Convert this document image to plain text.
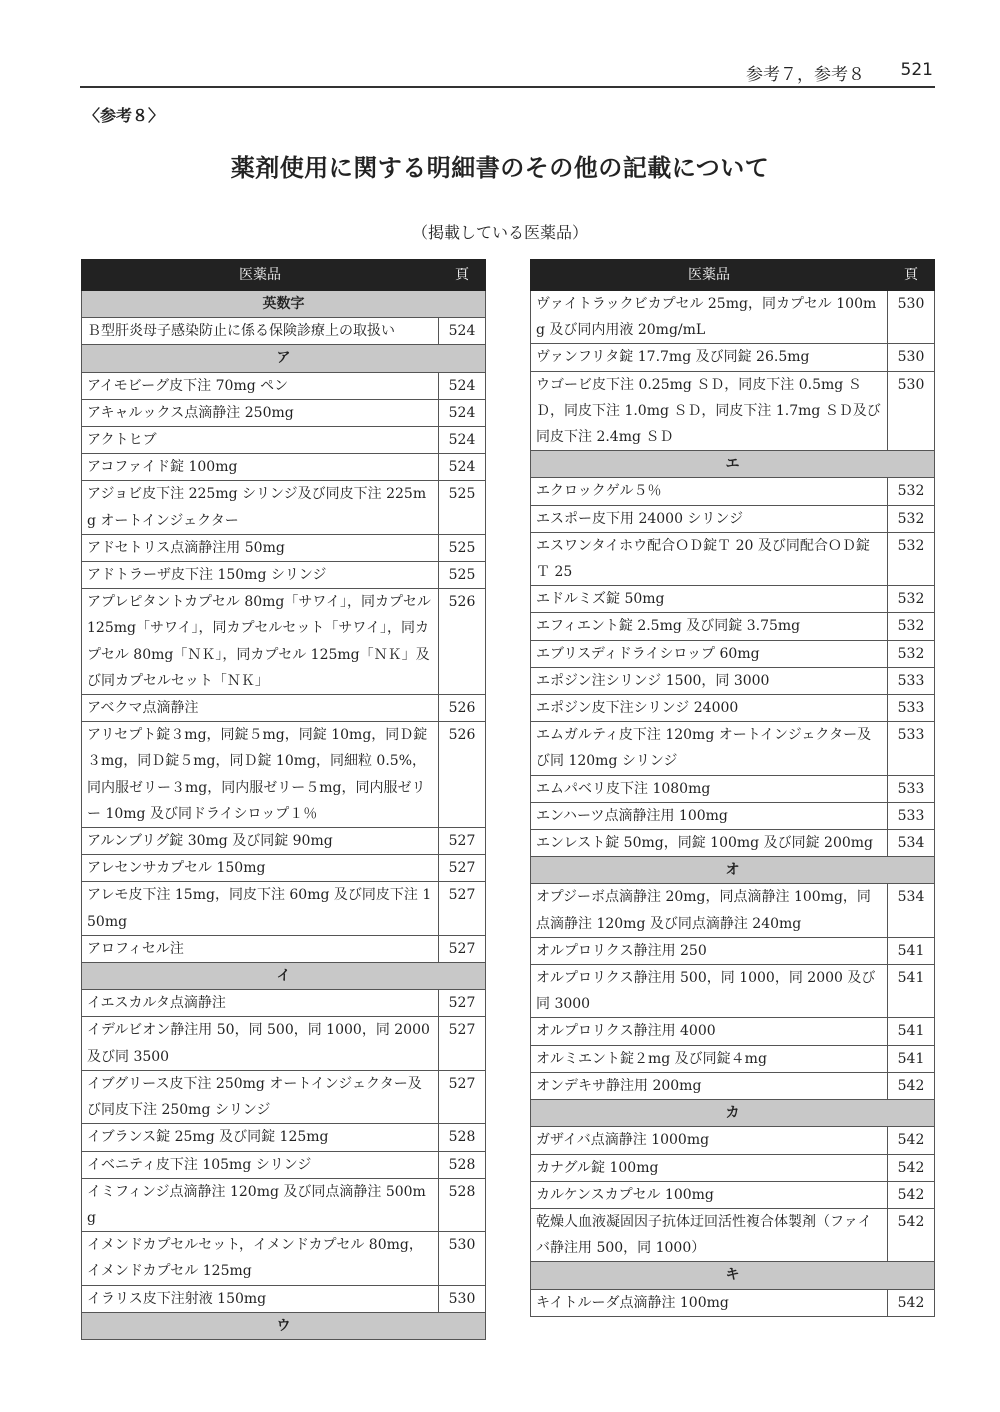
参考７，参考８ 521
〈参考８〉
薬剤使用に関する明細書のその他の記載について
（掲載している医薬品）
医薬品	頁
英数字	
Ｂ型肝炎母子感染防止に係る保険診療上の取扱い	524
ア	
アイモビーグ皮下注 70mg ペン	524
アキャルックス点滴静注 250mg	524
アクトヒブ	524
アコファイド錠 100mg	524
アジョビ皮下注 225mg シリンジ及び同皮下注 225mg オートインジェクター	525
アドセトリス点滴静注用 50mg	525
アドトラーザ皮下注 150mg シリンジ	525
アプレピタントカプセル 80mg「サワイ」，同カプセル 125mg「サワイ」，同カプセルセット「サワイ」，同カプセル 80mg「ＮＫ」，同カプセル 125mg「ＮＫ」及び同カプセルセット「ＮＫ」	526
アベクマ点滴静注	526
アリセプト錠３mg，同錠５mg，同錠 10mg，同Ｄ錠３mg，同Ｄ錠５mg，同Ｄ錠 10mg，同細粒 0.5%，同内服ゼリー３mg，同内服ゼリー５mg，同内服ゼリー 10mg 及び同ドライシロップ１％	526
アルンブリグ錠 30mg 及び同錠 90mg	527
アレセンサカプセル 150mg	527
アレモ皮下注 15mg，同皮下注 60mg 及び同皮下注 150mg	527
アロフィセル注	527
イ	
イエスカルタ点滴静注	527
イデルビオン静注用 50，同 500，同 1000，同 2000 及び同 3500	527
イブグリース皮下注 250mg オートインジェクター及び同皮下注 250mg シリンジ	527
イブランス錠 25mg 及び同錠 125mg	528
イベニティ皮下注 105mg シリンジ	528
イミフィンジ点滴静注 120mg 及び同点滴静注 500mg	528
イメンドカプセルセット，イメンドカプセル 80mg，イメンドカプセル 125mg	530
イラリス皮下注射液 150mg	530
ウ	
医薬品	頁
ヴァイトラックビカプセル 25mg，同カプセル 100mg 及び同内用液 20mg/mL	530
ヴァンフリタ錠 17.7mg 及び同錠 26.5mg	530
ウゴービ皮下注 0.25mg ＳＤ，同皮下注 0.5mg ＳＤ，同皮下注 1.0mg ＳＤ，同皮下注 1.7mg ＳＤ及び同皮下注 2.4mg ＳＤ	530
エ	
エクロックゲル５％	532
エスポー皮下用 24000 シリンジ	532
エスワンタイホウ配合ＯＤ錠Ｔ 20 及び同配合ＯＤ錠Ｔ 25	532
エドルミズ錠 50mg	532
エフィエント錠 2.5mg 及び同錠 3.75mg	532
エブリスディドライシロップ 60mg	532
エポジン注シリンジ 1500，同 3000	533
エポジン皮下注シリンジ 24000	533
エムガルティ皮下注 120mg オートインジェクター及び同 120mg シリンジ	533
エムパベリ皮下注 1080mg	533
エンハーツ点滴静注用 100mg	533
エンレスト錠 50mg，同錠 100mg 及び同錠 200mg	534
オ	
オプジーボ点滴静注 20mg，同点滴静注 100mg，同点滴静注 120mg 及び同点滴静注 240mg	534
オルプロリクス静注用 250	541
オルプロリクス静注用 500，同 1000，同 2000 及び同 3000	541
オルプロリクス静注用 4000	541
オルミエント錠２mg 及び同錠４mg	541
オンデキサ静注用 200mg	542
カ	
ガザイバ点滴静注 1000mg	542
カナグル錠 100mg	542
カルケンスカプセル 100mg	542
乾燥人血液凝固因子抗体迂回活性複合体製剤（ファイバ静注用 500，同 1000）	542
キ	
キイトルーダ点滴静注 100mg	542
